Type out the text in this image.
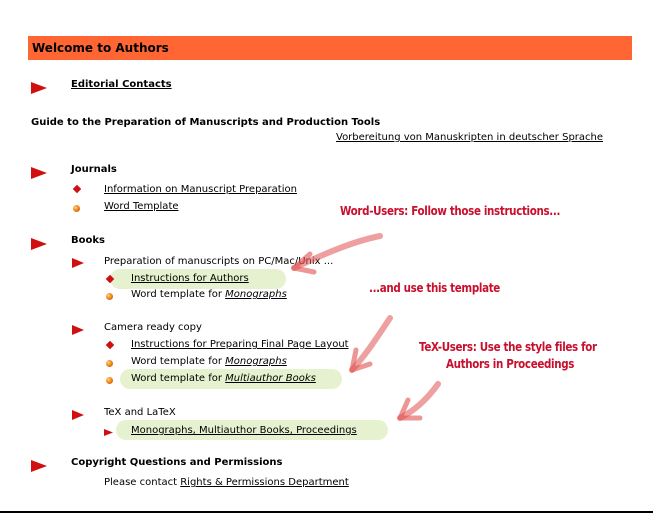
Welcome to Authors
Editorial Contacts
Guide to the Preparation of Manuscripts and Production Tools
Vorbereitung von Manuskripten in deutscher Sprache
Journals
Information on Manuscript Preparation
Word Template
Books
Preparation of manuscripts on PC/Mac/Unix ...
Instructions for Authors
Word template for Monographs
Camera ready copy
Instructions for Preparing Final Page Layout
Word template for Monographs
Word template for Multiauthor Books
TeX and LaTeX
Monographs, Multiauthor Books, Proceedings
Copyright Questions and Permissions
Please contact Rights & Permissions Department
Word-Users: Follow those instructions...
...and use this template
TeX-Users: Use the style files for
Authors in Proceedings
